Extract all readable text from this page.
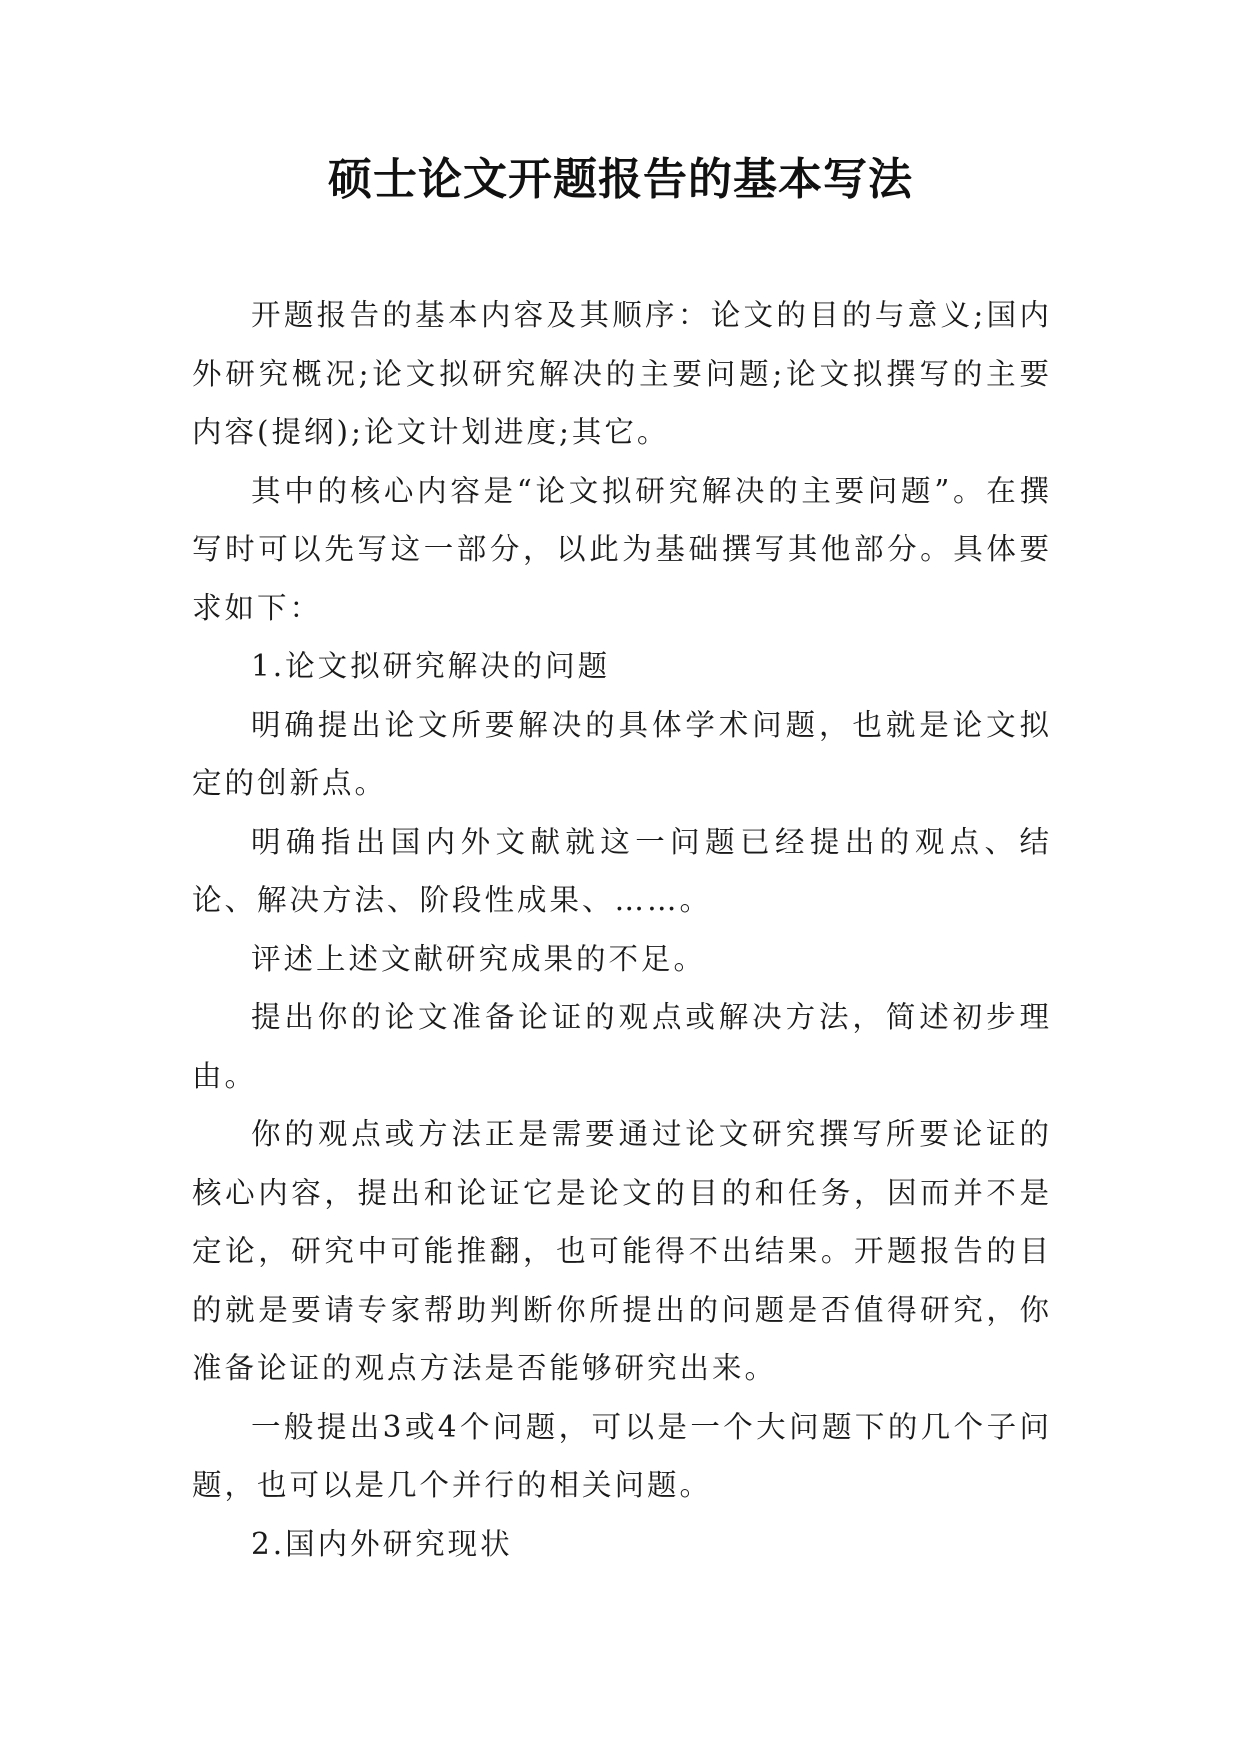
硕士论文开题报告的基本写法

开题报告的基本内容及其顺序：论文的目的与意义;国内外研究概况;论文拟研究解决的主要问题;论文拟撰写的主要内容(提纲);论文计划进度;其它。

其中的核心内容是“论文拟研究解决的主要问题”。在撰写时可以先写这一部分，以此为基础撰写其他部分。具体要求如下：

1.论文拟研究解决的问题

明确提出论文所要解决的具体学术问题，也就是论文拟定的创新点。

明确指出国内外文献就这一问题已经提出的观点、结论、解决方法、阶段性成果、……。

评述上述文献研究成果的不足。

提出你的论文准备论证的观点或解决方法，简述初步理由。

你的观点或方法正是需要通过论文研究撰写所要论证的核心内容，提出和论证它是论文的目的和任务，因而并不是定论，研究中可能推翻，也可能得不出结果。开题报告的目的就是要请专家帮助判断你所提出的问题是否值得研究，你准备论证的观点方法是否能够研究出来。

一般提出3或4个问题，可以是一个大问题下的几个子问题，也可以是几个并行的相关问题。

2.国内外研究现状
